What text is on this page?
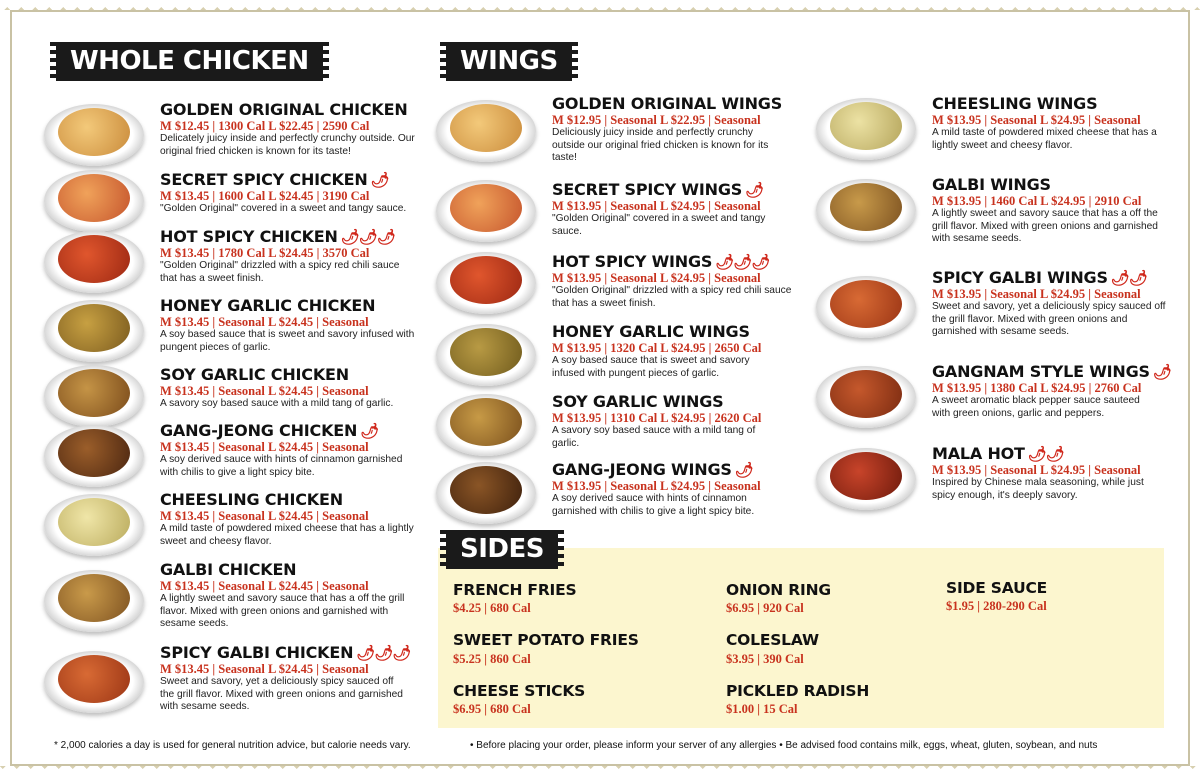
WHOLE CHICKEN
GOLDEN ORIGINAL CHICKEN
M $12.45 | 1300 Cal L $22.45 | 2590 Cal
Delicately juicy inside and perfectly crunchy outside. Our original fried chicken is known for its taste!
SECRET SPICY CHICKEN 🌶
M $13.45 | 1600 Cal L $24.45 | 3190 Cal
"Golden Original" covered in a sweet and tangy sauce.
HOT SPICY CHICKEN 🌶🌶🌶
M $13.45 | 1780 Cal L $24.45 | 3570 Cal
"Golden Original" drizzled with a spicy red chili sauce that has a sweet finish.
HONEY GARLIC CHICKEN
M $13.45 | Seasonal L $24.45 | Seasonal
A soy based sauce that is sweet and savory infused with pungent pieces of garlic.
SOY GARLIC CHICKEN
M $13.45 | Seasonal L $24.45 | Seasonal
A savory soy based sauce with a mild tang of garlic.
GANG-JEONG CHICKEN 🌶
M $13.45 | Seasonal L $24.45 | Seasonal
A soy derived sauce with hints of cinnamon garnished with chilis to give a light spicy bite.
CHEESLING CHICKEN
M $13.45 | Seasonal L $24.45 | Seasonal
A mild taste of powdered mixed cheese that has a lightly sweet and cheesy flavor.
GALBI CHICKEN
M $13.45 | Seasonal L $24.45 | Seasonal
A lightly sweet and savory sauce that has a off the grill flavor. Mixed with green onions and garnished with sesame seeds.
SPICY GALBI CHICKEN 🌶🌶🌶
M $13.45 | Seasonal L $24.45 | Seasonal
Sweet and savory, yet a deliciously spicy sauced off the grill flavor. Mixed with green onions and garnished with sesame seeds.
WINGS
GOLDEN ORIGINAL WINGS
M $12.95 | Seasonal L $22.95 | Seasonal
Deliciously juicy inside and perfectly crunchy outside our original fried chicken is known for its taste!
SECRET SPICY WINGS 🌶
M $13.95 | Seasonal L $24.95 | Seasonal
"Golden Original" covered in a sweet and tangy sauce.
HOT SPICY WINGS 🌶🌶🌶
M $13.95 | Seasonal L $24.95 | Seasonal
"Golden Original" drizzled with a spicy red chili sauce that has a sweet finish.
HONEY GARLIC WINGS
M $13.95 | 1320 Cal L $24.95 | 2650 Cal
A soy based sauce that is sweet and savory infused with pungent pieces of garlic.
SOY GARLIC WINGS
M $13.95 | 1310 Cal L $24.95 | 2620 Cal
A savory soy based sauce with a mild tang of garlic.
GANG-JEONG WINGS 🌶
M $13.95 | Seasonal L $24.95 | Seasonal
A soy derived sauce with hints of cinnamon garnished with chilis to give a light spicy bite.
CHEESLING WINGS
M $13.95 | Seasonal L $24.95 | Seasonal
A mild taste of powdered mixed cheese that has a lightly sweet and cheesy flavor.
GALBI WINGS
M $13.95 | 1460 Cal L $24.95 | 2910 Cal
A lightly sweet and savory sauce that has a off the grill flavor. Mixed with green onions and garnished with sesame seeds.
SPICY GALBI WINGS 🌶🌶
M $13.95 | Seasonal L $24.95 | Seasonal
Sweet and savory, yet a deliciously spicy sauced off the grill flavor. Mixed with green onions and garnished with sesame seeds.
GANGNAM STYLE WINGS 🌶
M $13.95 | 1380 Cal L $24.95 | 2760 Cal
A sweet aromatic black pepper sauce sauteed with green onions, garlic and peppers.
MALA HOT 🌶🌶
M $13.95 | Seasonal L $24.95 | Seasonal
Inspired by Chinese mala seasoning, while just spicy enough, it's deeply savory.
SIDES
FRENCH FRIES
$4.25 | 680 Cal
SWEET POTATO FRIES
$5.25 | 860 Cal
CHEESE STICKS
$6.95 | 680 Cal
ONION RING
$6.95 | 920 Cal
COLESLAW
$3.95 | 390 Cal
PICKLED RADISH
$1.00 | 15 Cal
SIDE SAUCE
$1.95 | 280-290 Cal
* 2,000 calories a day is used for general nutrition advice, but calorie needs vary.	• Before placing your order, please inform your server of any allergies • Be advised food contains milk, eggs, wheat, gluten, soybean, and nuts
